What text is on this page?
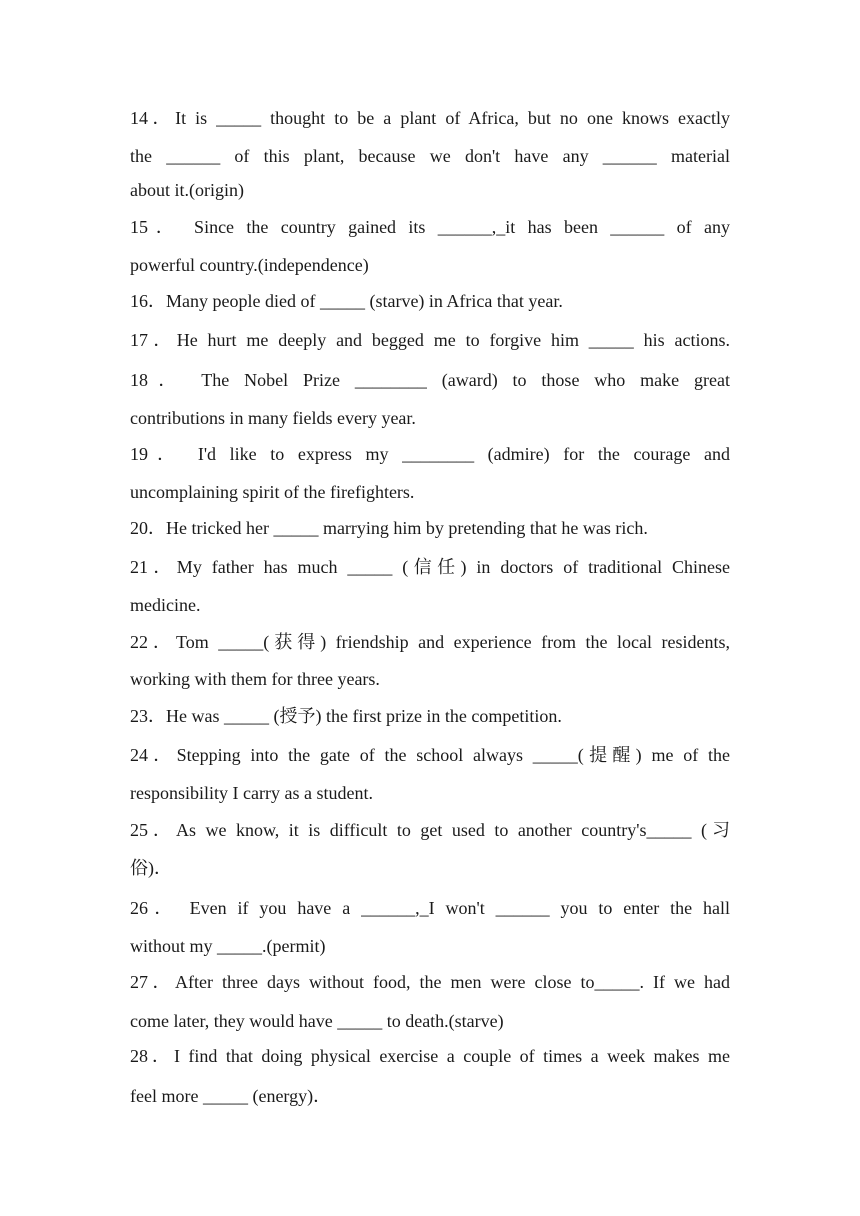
14．It is _____ thought to be a plant of Africa, but no one knows exactly
the ______ of this plant, because we don't have any ______ material
about it.(origin)
15． Since the country gained its ______,_it has been ______ of any
powerful country.(independence)
16．Many people died of _____ (starve) in Africa that year.
17．He hurt me deeply and begged me to forgive him _____ his actions.
18． The Nobel Prize ________ (award) to those who make great
contributions in many fields every year.
19． I'd like to express my ________ (admire) for the courage and
uncomplaining spirit of the firefighters.
20．He tricked her _____ marrying him by pretending that he was rich.
21．My father has much _____ (信任) in doctors of traditional Chinese
medicine.
22．Tom _____(获得) friendship and experience from the local residents,
working with them for three years.
23．He was _____ (授予) the first prize in the competition.
24．Stepping into the gate of the school always _____(提醒) me of the
responsibility I carry as a student.
25．As we know, it is difficult to get used to another country's_____ (习
俗)．
26． Even if you have a ______,_I won't ______ you to enter the hall
without my _____.(permit)
27．After three days without food, the men were close to_____. If we had
come later, they would have _____ to death.(starve)
28．I find that doing physical exercise a couple of times a week makes me
feel more _____ (energy)．
